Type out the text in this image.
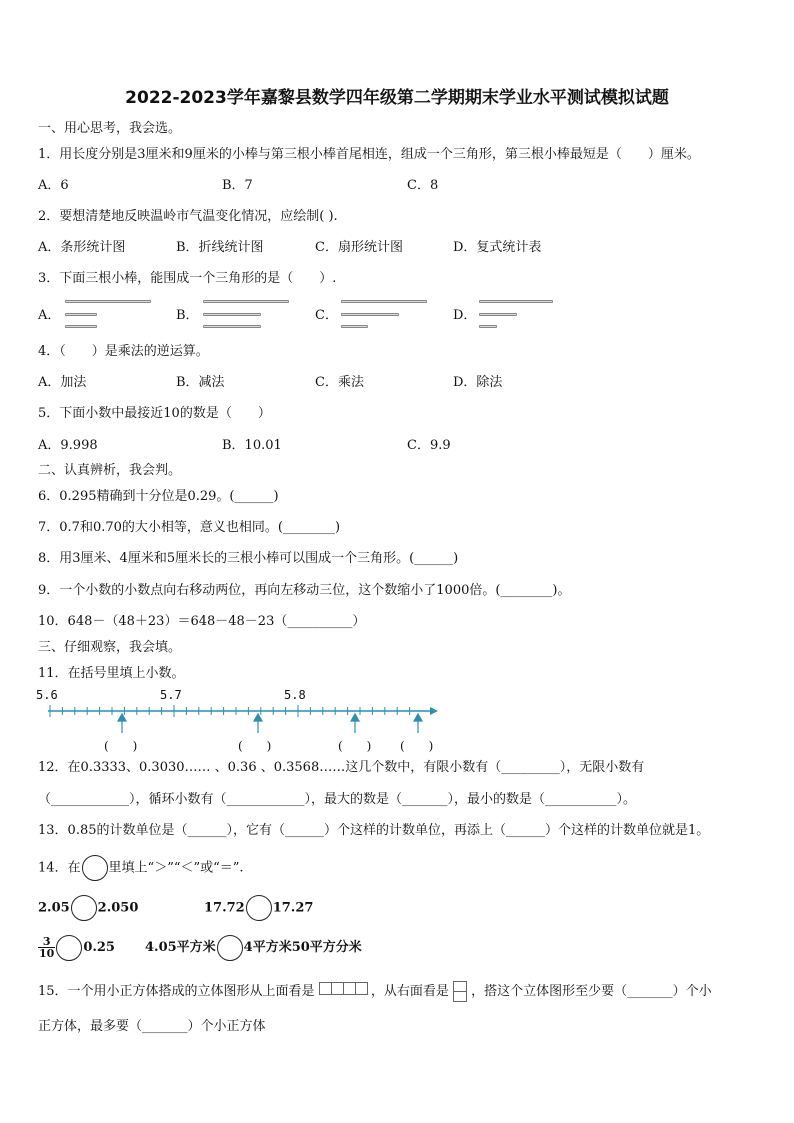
2022-2023学年嘉黎县数学四年级第二学期期末学业水平测试模拟试题
一、用心思考，我会选。
1．用长度分别是3厘米和9厘米的小棒与第三根小棒首尾相连，组成一个三角形，第三根小棒最短是（　　）厘米。
A．6	B．7	C．8
2．要想清楚地反映温岭市气温变化情况，应绘制( ).
A．条形统计图	B．折线统计图	C．扇形统计图	D．复式统计表
3．下面三根小棒，能围成一个三角形的是（　　）.
A．	B．	C．	D．
4．（　　）是乘法的逆运算。
A．加法	B．减法	C．乘法	D．除法
5．下面小数中最接近10的数是（　　）
A．9.998	B．10.01	C．9.9
二、认真辨析，我会判。
6．0.295精确到十分位是0.29。(______)
7．0.7和0.70的大小相等，意义也相同。(________)
8．用3厘米、4厘米和5厘米长的三根小棒可以围成一个三角形。(______)
9．一个小数的小数点向右移动两位，再向左移动三位，这个数缩小了1000倍。(________)。
10．648－（48＋23）＝648－48－23（__________）
三、仔细观察，我会填。
11．在括号里填上小数。
5.6	5.7	5.8
(　　)	(　　)	(　　) (　　)
12．在0.3333、0.3030…… 、0.36 、0.3568……这几个数中，有限小数有（_________），无限小数有
（____________），循环小数有（____________），最大的数是（_______），最小的数是（___________）。
13．0.85的计数单位是（______），它有（______）个这样的计数单位，再添上（______）个这样的计数单位就是1。
14．在 里填上“＞”“＜”或“＝”.
2.05 2.050	17.72 17.27
$\frac{3}{10} 0.25$ 4.05平方米 4平方米50平方分米
15．一个用小正方体搭成的立体图形从上面看是	，从右面看是 ，搭这个立体图形至少要（_______）个小
正方体，最多要（_______）个小正方体
